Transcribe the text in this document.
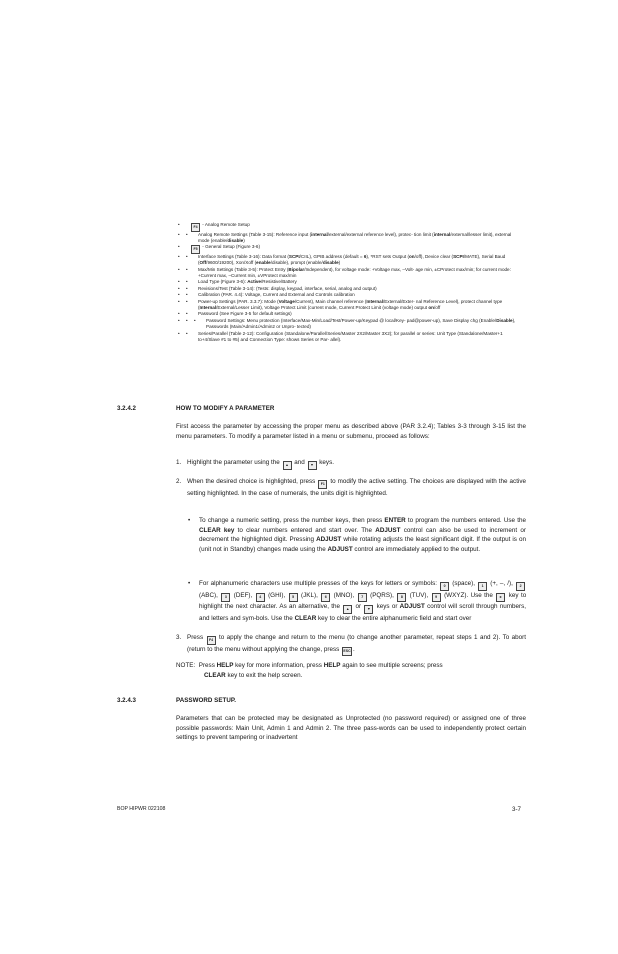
•	F4 - Analog Remote Setup

• • Analog Remote Settings (Table 3-15): Reference input (internal/external/external reference level), protec- tion limit (internal/external/lesser limit), external mode (enable/disable)

•	F5 - General Setup (Figure 3-6)

• • Interface Settings (Table 3-16): Data format (SCPI/CIIL), GPIB address (default = 6), *RST sets Output (on/off), Device clear (SCPI/MATE), Serial Baud (Off/9600/19200), Xon/Xoff (enable/disable), prompt (enable/disable)

• • Max/Min Settings (Table 3-5): Protect Entry (Bipolar/Independent), for voltage mode: +Voltage max, –Volt- age min, ±CProtect max/min; for current mode: +Current max, –Current min, ±VProtect max/min

• • Load Type (Figure 3-6): Active/Resistive/Battery

• • Revisions/Test (Table 3-14): (Tests: display, keypad, interface, serial, analog and output)

• • Calibration (PAR. 4.4): Voltage, Current and External and Controls calibration

• • Power-up Settings (PAR. 3.3.7): Mode (Voltage/Current), Main channel reference (Internal/External/Exter- nal Reference Level), protect channel type (Internal/External/Lesser Limit), Voltage Protect Limit (current mode, Current Protect Limit (voltage mode) output on/off

• • Password (See Figure 3-5 for default settings)

• • • Password Settings: Menu protection (Interface/Max-Min/Load/Test/Power-up/Keypad @ local/Key- pad@power-up), Save Display chg (Enable/Disable), Passwords (Main/Admin1/Admin2 or Unpro- tected)

• • Series/Parallel (Table 2-12): Configuration (Standalone/Parallel/Series/Master 2X2/Master 3X2); for parallel or series: Unit Type (Standalone/Master+1 to+4/Slave #1 to #5) and Connection Type: shows Series or Par- allel).

3.2.4.2	HOW TO MODIFY A PARAMETER
First access the parameter by accessing the proper menu as described above (PAR 3.2.4); Tables 3-3 through 3-15 list the menu parameters. To modify a parameter listed in a menu or submenu, proceed as follows:
1. Highlight the parameter using the ▲ and ▼ keys.
2. When the desired choice is highlighted, press F1 to modify the active setting. The choices are displayed with the active setting highlighted. In the case of numerals, the units digit is highlighted.
• To change a numeric setting, press the number keys, then press ENTER to program the numbers entered. Use the CLEAR key to clear numbers entered and start over. The ADJUST control can also be used to increment or decrement the highlighted digit. Pressing ADJUST while rotating adjusts the least significant digit. If the output is on (unit not in Standby) changes made using the ADJUST control are immediately applied to the output.
• For alphanumeric characters use multiple presses of the keys for letters or symbols: 0 (space), 1 (+, –, /), 2 (ABC), 3 (DEF), 4 (GHI), 5 (JKL), 6 (MNO), 7 (PQRS), 8 (TUV), 9 (WXYZ). Use the ► key to highlight the next character. As an alternative, the ▲ or ▼ keys or ADJUST control will scroll through numbers, and letters and sym-bols. Use the CLEAR key to clear the entire alphanumeric field and start over
3. Press F4 to apply the change and return to the menu (to change another parameter, repeat steps 1 and 2). To abort (return to the menu without applying the change, press ESC .
NOTE: Press HELP key for more information, press HELP again to see multiple screens; press
CLEAR key to exit the help screen.
3.2.4.3	PASSWORD SETUP.
Parameters that can be protected may be designated as Unprotected (no password required) or assigned one of three possible passwords: Main Unit, Admin 1 and Admin 2. The three pass-words can be used to independently protect certain settings to prevent tampering or inadvertent
BOP HIPWR 022108	3-7
